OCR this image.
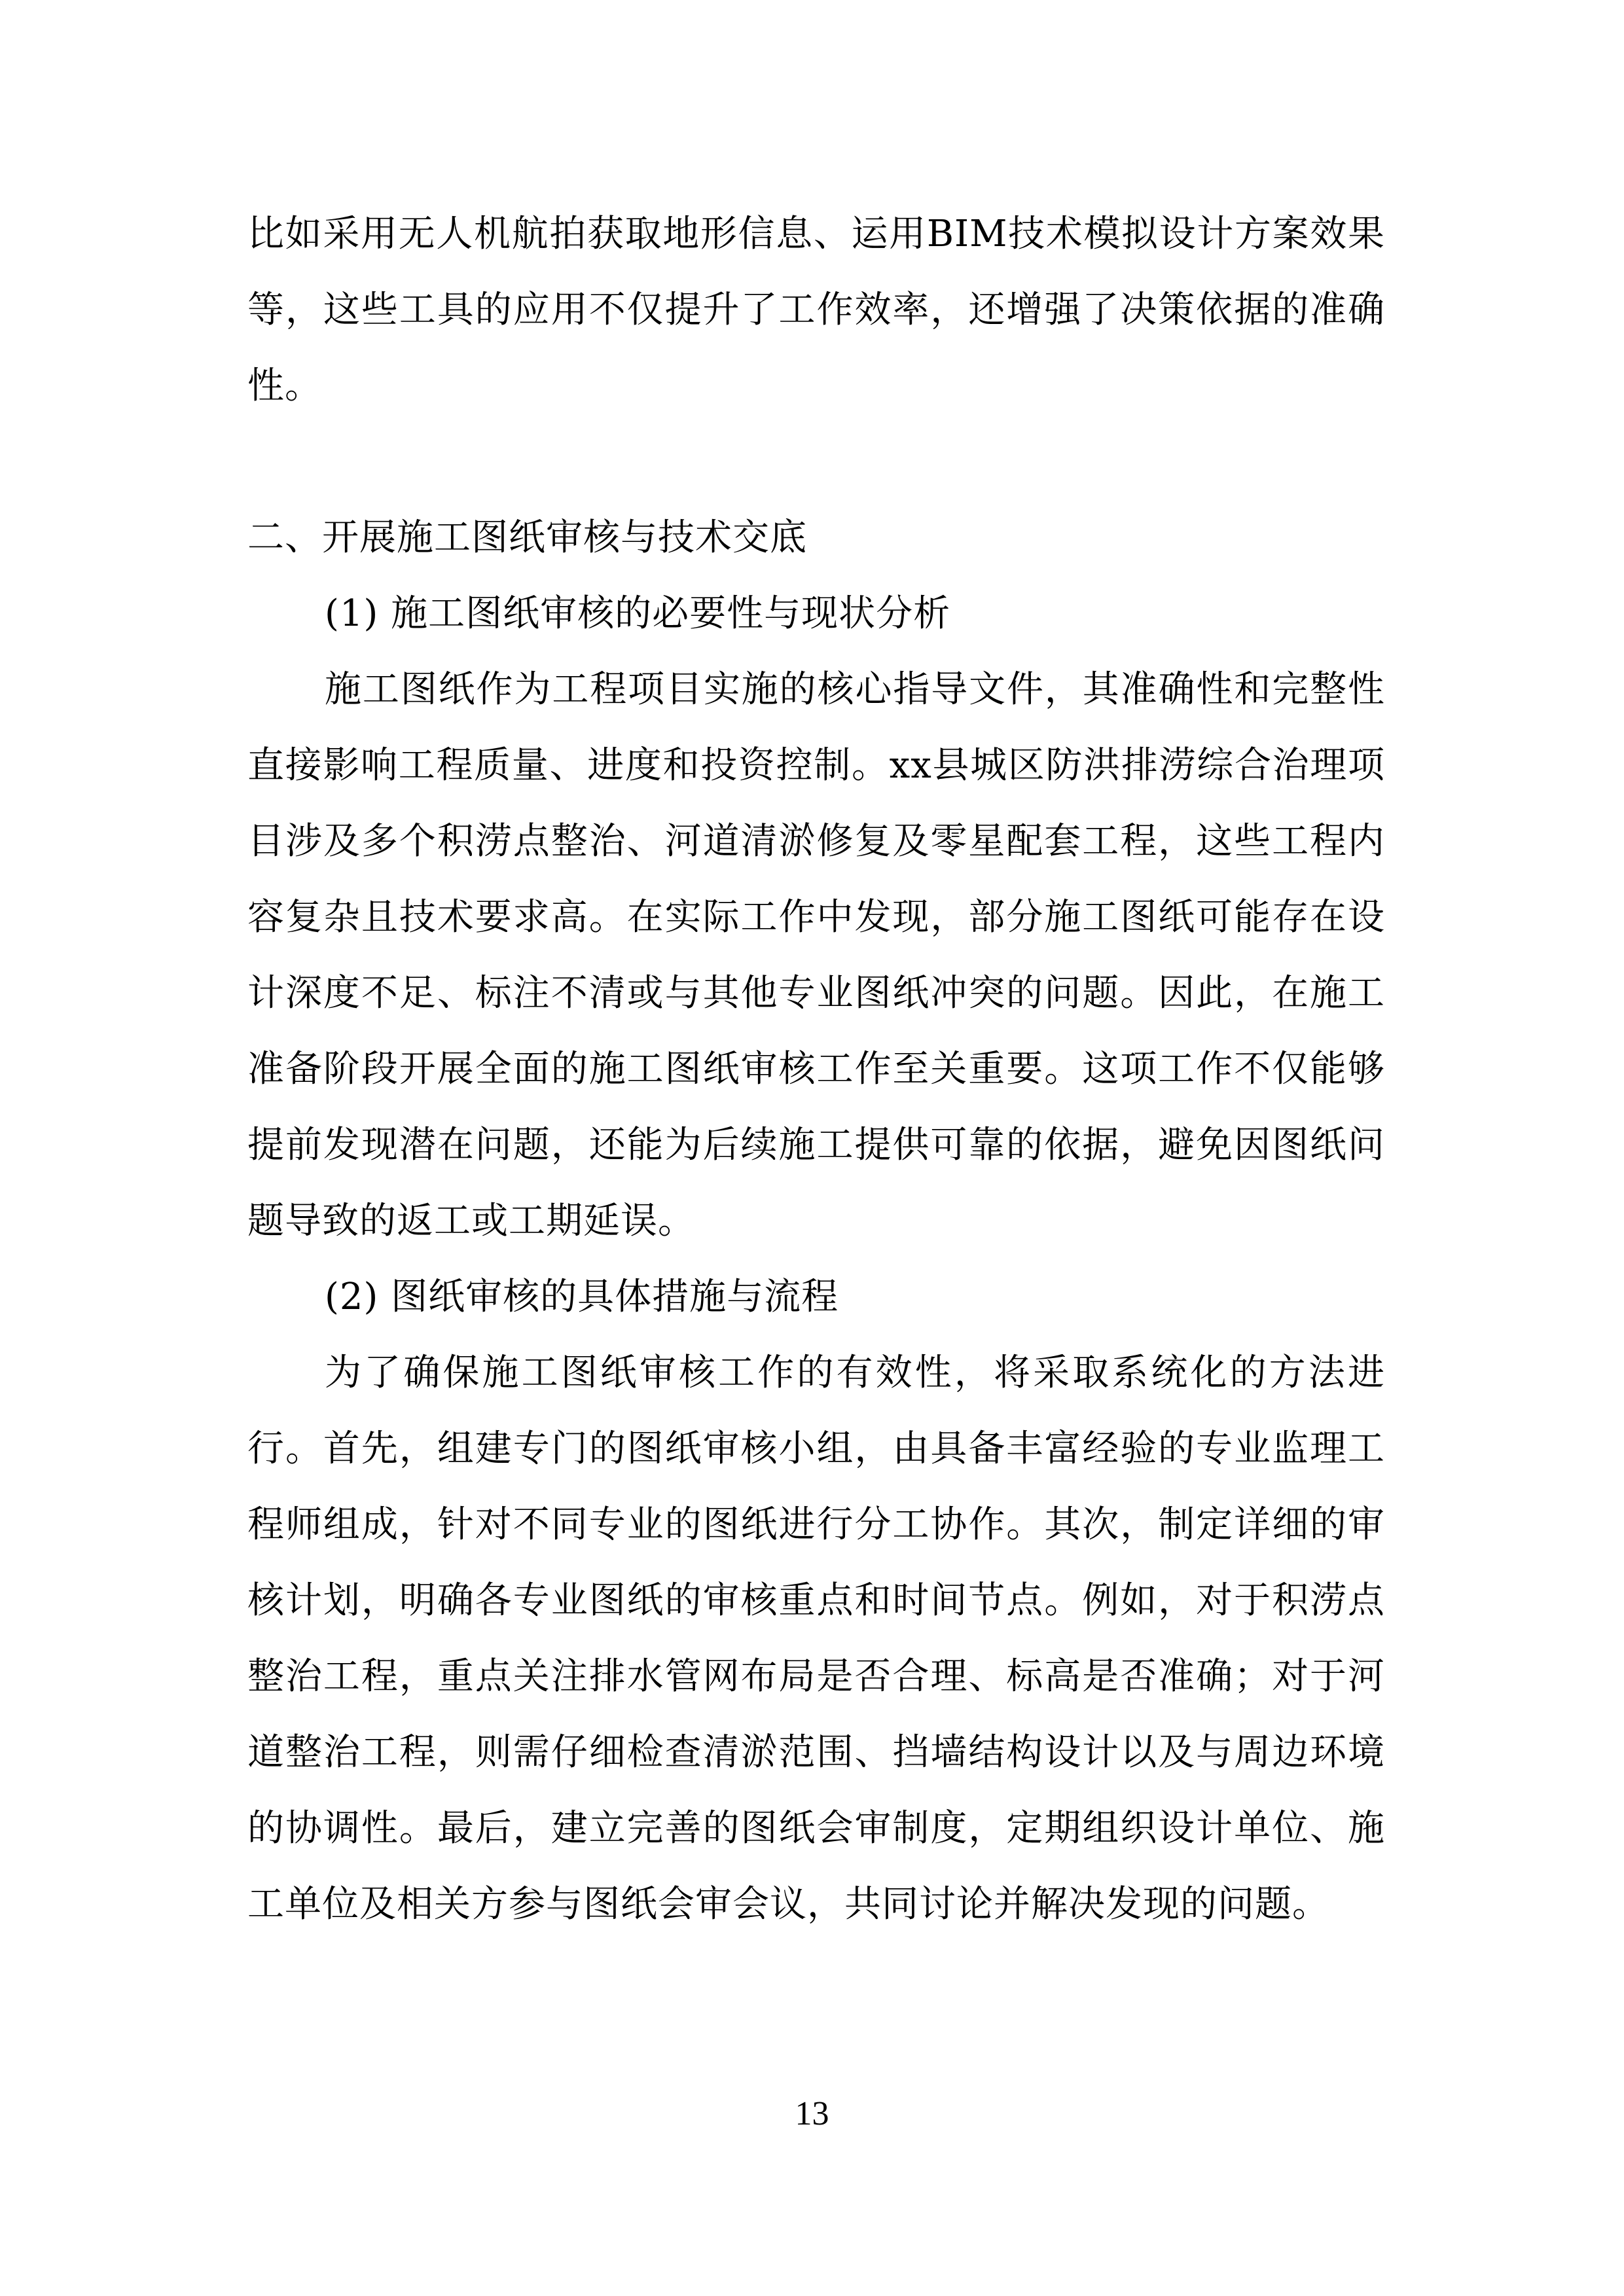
比如采用无人机航拍获取地形信息、运用BIM技术模拟设计方案效果等，这些工具的应用不仅提升了工作效率，还增强了决策依据的准确性。

二、开展施工图纸审核与技术交底

(1) 施工图纸审核的必要性与现状分析

施工图纸作为工程项目实施的核心指导文件，其准确性和完整性直接影响工程质量、进度和投资控制。xx县城区防洪排涝综合治理项目涉及多个积涝点整治、河道清淤修复及零星配套工程，这些工程内容复杂且技术要求高。在实际工作中发现，部分施工图纸可能存在设计深度不足、标注不清或与其他专业图纸冲突的问题。因此，在施工准备阶段开展全面的施工图纸审核工作至关重要。这项工作不仅能够提前发现潜在问题，还能为后续施工提供可靠的依据，避免因图纸问题导致的返工或工期延误。

(2) 图纸审核的具体措施与流程

为了确保施工图纸审核工作的有效性，将采取系统化的方法进行。首先，组建专门的图纸审核小组，由具备丰富经验的专业监理工程师组成，针对不同专业的图纸进行分工协作。其次，制定详细的审核计划，明确各专业图纸的审核重点和时间节点。例如，对于积涝点整治工程，重点关注排水管网布局是否合理、标高是否准确；对于河道整治工程，则需仔细检查清淤范围、挡墙结构设计以及与周边环境的协调性。最后，建立完善的图纸会审制度，定期组织设计单位、施工单位及相关方参与图纸会审会议，共同讨论并解决发现的问题。

13
